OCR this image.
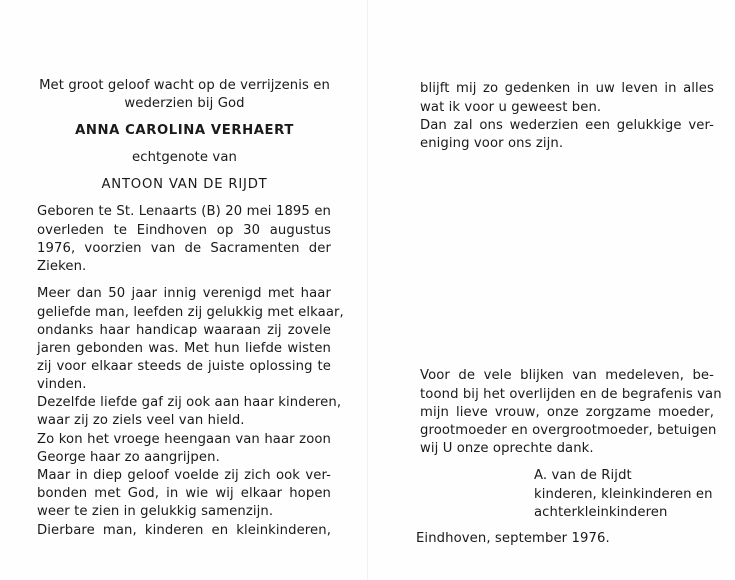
Met groot geloof wacht op de verrijzenis en
wederzien bij God
ANNA CAROLINA VERHAERT
echtgenote van
ANTOON VAN DE RIJDT
Geboren te St. Lenaarts (B) 20 mei 1895 en
overleden te Eindhoven op 30 augustus
1976, voorzien van de Sacramenten der
Zieken.
Meer dan 50 jaar innig verenigd met haar
geliefde man, leefden zij gelukkig met elkaar,
ondanks haar handicap waaraan zij zovele
jaren gebonden was. Met hun liefde wisten
zij voor elkaar steeds de juiste oplossing te
vinden.
Dezelfde liefde gaf zij ook aan haar kinderen,
waar zij zo ziels veel van hield.
Zo kon het vroege heengaan van haar zoon
George haar zo aangrijpen.
Maar in diep geloof voelde zij zich ook ver-
bonden met God, in wie wij elkaar hopen
weer te zien in gelukkig samenzijn.
Dierbare man, kinderen en kleinkinderen,
blijft mij zo gedenken in uw leven in alles
wat ik voor u geweest ben.
Dan zal ons wederzien een gelukkige ver-
eniging voor ons zijn.
Voor de vele blijken van medeleven, be-
toond bij het overlijden en de begrafenis van
mijn lieve vrouw, onze zorgzame moeder,
grootmoeder en overgrootmoeder, betuigen
wij U onze oprechte dank.
A. van de Rijdt
kinderen, kleinkinderen en
achterkleinkinderen
Eindhoven, september 1976.
